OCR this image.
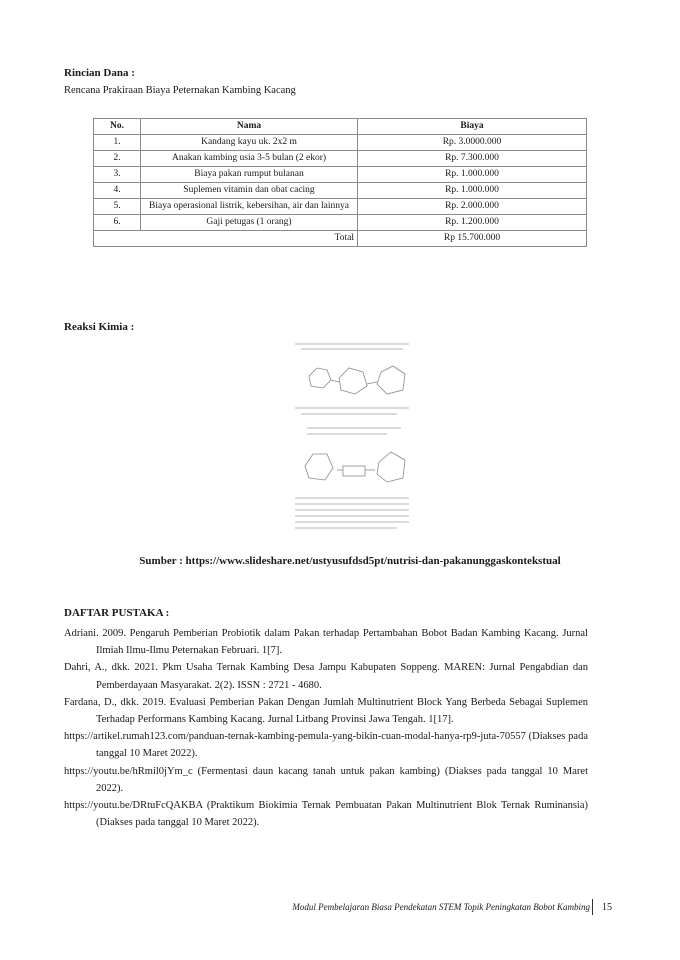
Rincian Dana :
Rencana Prakiraan Biaya Peternakan Kambing Kacang
No.	Nama	Biaya
1.	Kandang kayu uk. 2x2 m	Rp. 3.0000.000
2.	Anakan kambing usia 3-5 bulan (2 ekor)	Rp. 7.300.000
3.	Biaya pakan rumput bulanan	Rp. 1.000.000
4.	Suplemen vitamin dan obat cacing	Rp. 1.000.000
5.	Biaya operasional listrik, kebersihan, air dan lainnya	Rp. 2.000.000
6.	Gaji petugas (1 orang)	Rp. 1.200.000
Total		Rp 15.700.000
Reaksi Kimia :
Sumber : https://www.slideshare.net/ustyusufdsd5pt/nutrisi-dan-pakanunggaskontekstual
DAFTAR PUSTAKA :

Adriani. 2009. Pengaruh Pemberian Probiotik dalam Pakan terhadap Pertambahan Bobot Badan Kambing Kacang. Jurnal Ilmiah Ilmu-Ilmu Peternakan Februari. 1[7].

Dahri, A., dkk. 2021. Pkm Usaha Ternak Kambing Desa Jampu Kabupaten Soppeng. MAREN: Jurnal Pengabdian dan Pemberdayaan Masyarakat. 2(2). ISSN : 2721 - 4680.

Fardana, D., dkk. 2019. Evaluasi Pemberian Pakan Dengan Jumlah Multinutrient Block Yang Berbeda Sebagai Suplemen Terhadap Performans Kambing Kacang. Jurnal Litbang Provinsi Jawa Tengah. 1[17].

https://artikel.rumah123.com/panduan-ternak-kambing-pemula-yang-bikin-cuan-modal-hanya-rp9-juta-70557 (Diakses pada tanggal 10 Maret 2022).

https://youtu.be/hRmil0jYm_c (Fermentasi daun kacang tanah untuk pakan kambing) (Diakses pada tanggal 10 Maret 2022).

https://youtu.be/DRtuFcQAKBA (Praktikum Biokimia Ternak Pembuatan Pakan Multinutrient Blok Ternak Ruminansia) (Diakses pada tanggal 10 Maret 2022).

Modul Pembelajaran Biasa Pendekatan STEM Topik Peningkatan Bobot Kambing 15
